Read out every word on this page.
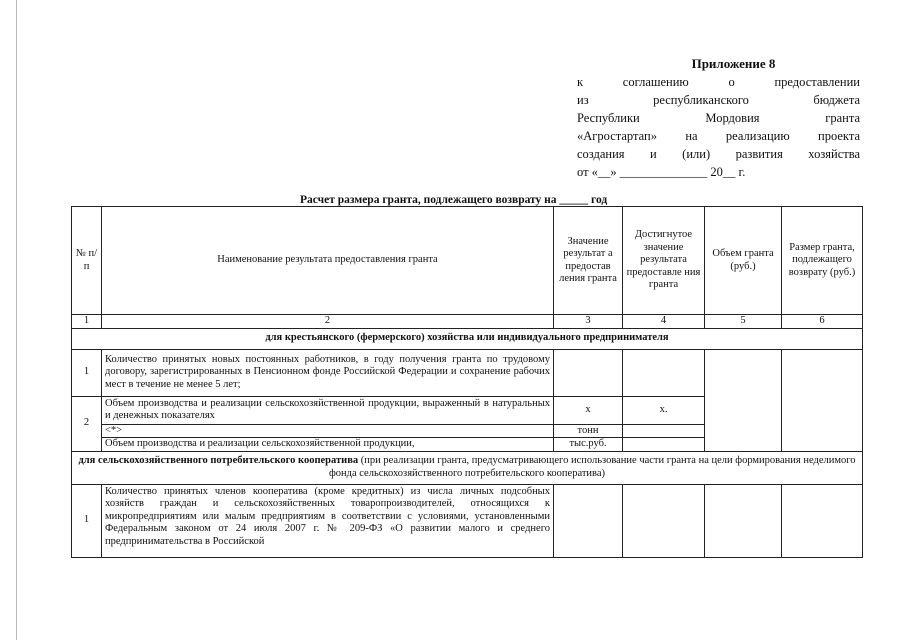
Приложение 8
к соглашению о предоставлении
из республиканского бюджета
Республики Мордовия гранта
«Агростартап» на реализацию проекта
создания и (или) развития хозяйства
от «__» ______________ 20__ г.
Расчет размера гранта, подлежащего возврату на _____ год
№ п/п	Наименование результата предоставления гранта	Значение результат а предостав ления гранта	Достигнутое значение результата предоставле ния гранта	Объем гранта (руб.)	Размер гранта, подлежащего возврату (руб.)
1	2	3	4	5	6
для крестьянского (фермерского) хозяйства или индивидуального предпринимателя					
1	Количество принятых новых постоянных работников, в году получения гранта по трудовому договору, зарегистрированных в Пенсионном фонде Российской Федерации и сохранение рабочих мест в течение не менее 5 лет;				
2	Объем производства и реализации сельскохозяйственной продукции, выраженный в натуральных и денежных показателях	х	х.		
	<*>	тонн			
	Объем производства и реализации сельскохозяйственной продукции,	тыс.руб.			
для сельскохозяйственного потребительского кооператива (при реализации гранта, предусматривающего использование части гранта на цели формирования неделимого фонда сельскохозяйственного потребительского кооператива)					
1	Количество принятых членов кооператива (кроме кредитных) из числа личных подсобных хозяйств граждан и сельскохозяйственных товаропроизводителей, относящихся к микропредприятиям или малым предприятиям в соответствии с условиями, установленными Федеральным законом от 24 июля 2007 г. № 209-ФЗ «О развитии малого и среднего предпринимательства в Российской				
